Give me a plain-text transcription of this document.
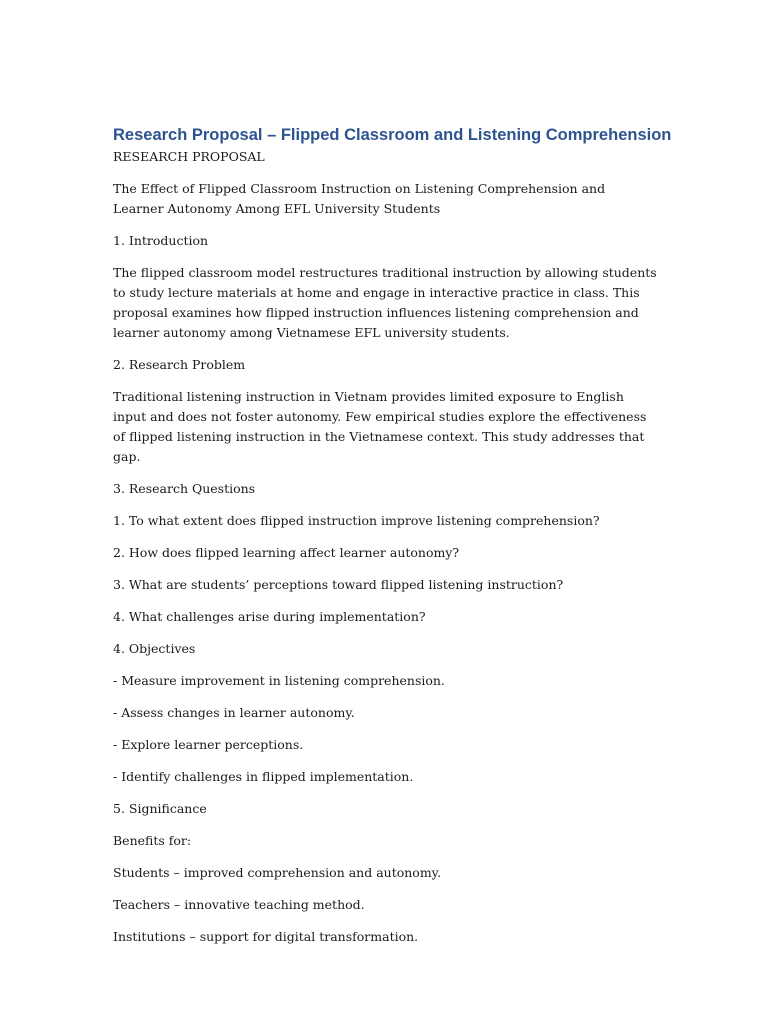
Research Proposal – Flipped Classroom and Listening Comprehension

RESEARCH PROPOSAL

The Effect of Flipped Classroom Instruction on Listening Comprehension and Learner Autonomy Among EFL University Students

1. Introduction

The flipped classroom model restructures traditional instruction by allowing students to study lecture materials at home and engage in interactive practice in class. This proposal examines how flipped instruction influences listening comprehension and learner autonomy among Vietnamese EFL university students.

2. Research Problem

Traditional listening instruction in Vietnam provides limited exposure to English input and does not foster autonomy. Few empirical studies explore the effectiveness of flipped listening instruction in the Vietnamese context. This study addresses that gap.

3. Research Questions

1. To what extent does flipped instruction improve listening comprehension?

2. How does flipped learning affect learner autonomy?

3. What are students’ perceptions toward flipped listening instruction?

4. What challenges arise during implementation?

4. Objectives

- Measure improvement in listening comprehension.

- Assess changes in learner autonomy.

- Explore learner perceptions.

- Identify challenges in flipped implementation.

5. Significance

Benefits for:

Students – improved comprehension and autonomy.

Teachers – innovative teaching method.

Institutions – support for digital transformation.
